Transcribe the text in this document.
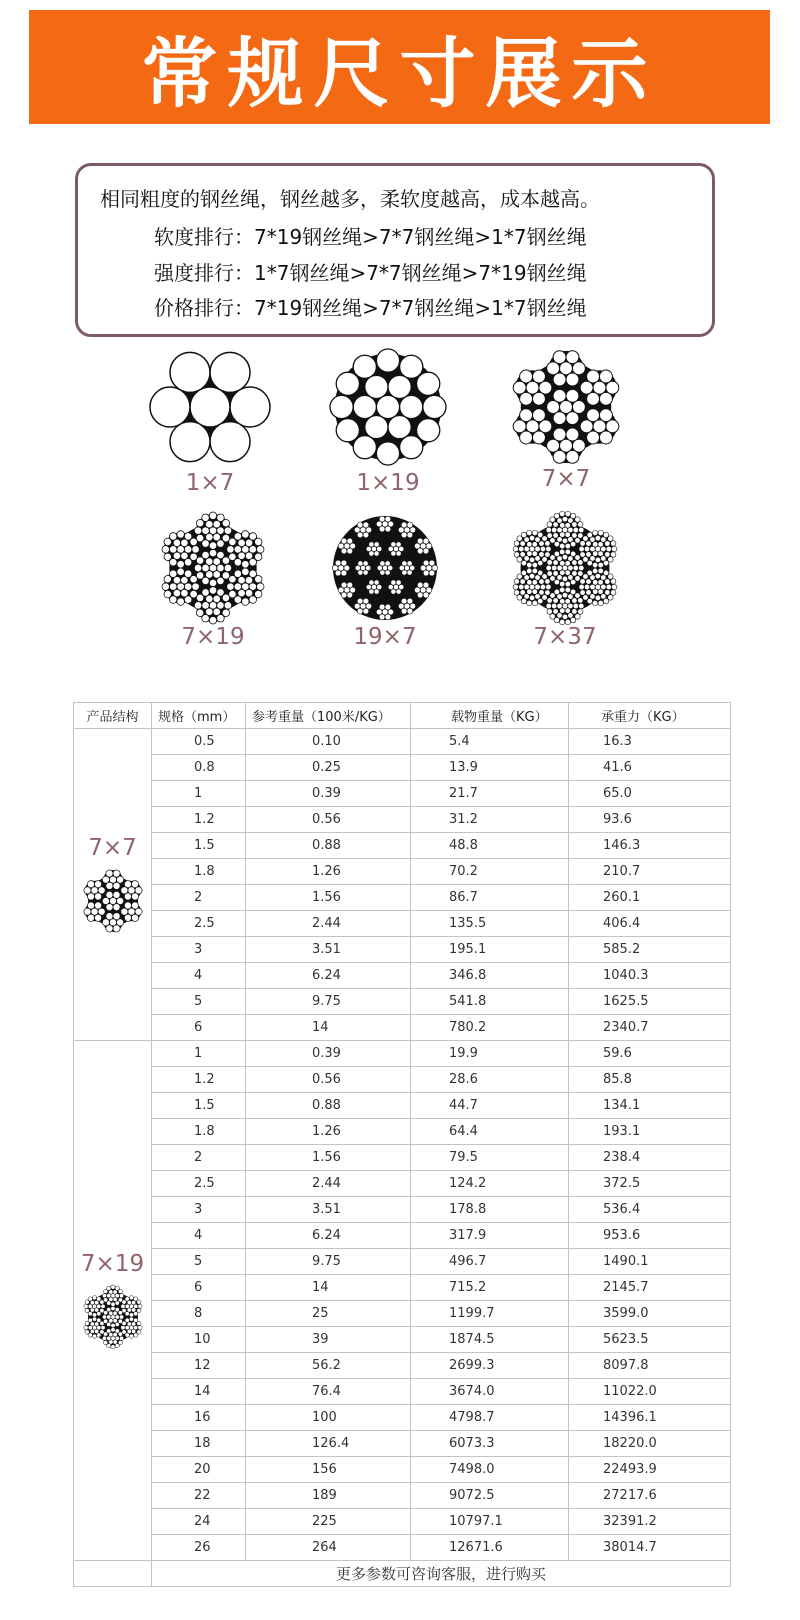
常规尺寸展示
相同粗度的钢丝绳，钢丝越多，柔软度越高，成本越高。
软度排行：7*19钢丝绳>7*7钢丝绳>1*7钢丝绳
强度排行：1*7钢丝绳>7*7钢丝绳>7*19钢丝绳
价格排行：7*19钢丝绳>7*7钢丝绳>1*7钢丝绳
1×7	1×19	7×7
7×19	19×7	7×37
产品结构	规格（mm）	参考重量（100米/KG）	载物重量（KG）	承重力（KG）

7×7	0.5	0.10	5.4	16.3
	0.8	0.25	13.9	41.6
	1	0.39	21.7	65.0
	1.2	0.56	31.2	93.6
	1.5	0.88	48.8	146.3
	1.8	1.26	70.2	210.7
	2	1.56	86.7	260.1
	2.5	2.44	135.5	406.4
	3	3.51	195.1	585.2
	4	6.24	346.8	1040.3
	5	9.75	541.8	1625.5
	6	14	780.2	2340.7

7×19	1	0.39	19.9	59.6
	1.2	0.56	28.6	85.8
	1.5	0.88	44.7	134.1
	1.8	1.26	64.4	193.1
	2	1.56	79.5	238.4
	2.5	2.44	124.2	372.5
	3	3.51	178.8	536.4
	4	6.24	317.9	953.6
	5	9.75	496.7	1490.1
	6	14	715.2	2145.7
	8	25	1199.7	3599.0
	10	39	1874.5	5623.5
	12	56.2	2699.3	8097.8
	14	76.4	3674.0	11022.0
	16	100	4798.7	14396.1
	18	126.4	6073.3	18220.0
	20	156	7498.0	22493.9
	22	189	9072.5	27217.6
	24	225	10797.1	32391.2
	26	264	12671.6	38014.7
	更多参数可咨询客服，进行购买			
